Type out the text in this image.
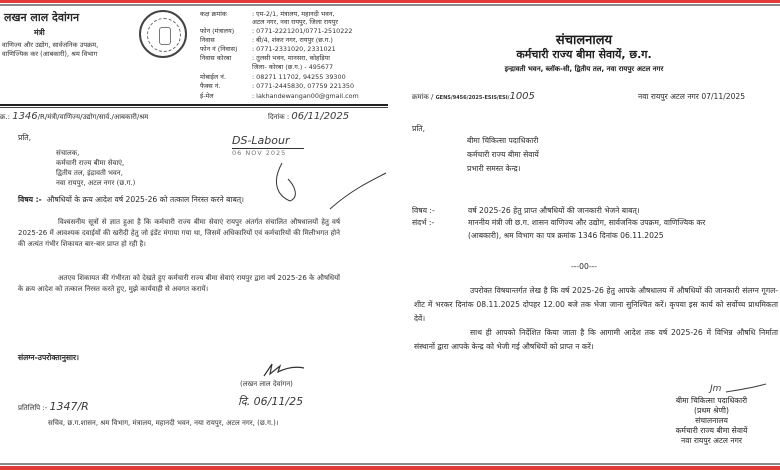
लखन लाल देवांगन
मंत्री
वाणिज्य और उद्योग, सार्वजनिक उपक्रम,
वाणिज्यिक कर (आबकारी), श्रम विभाग
कक्ष क्रमांक	: एम-2/1, मंत्रालय, महानदी भवन,
अटल नगर, नवा रायपुर, जिला रायपुर
फोन (मंत्रालय)	: 0771-2221201/0771-2510222
निवास	: बी/4, शंकर नगर, रायपुर (छ.ग.)
फोन नं (निवास) : 0771-2331020, 2331021
निवास कोरबा	: तुलसी भवन, मानसरा, कोहड़िया
जिला- कोरबा (छ.ग.) - 495677
मोबाईल नं.	: 08271 11702, 94255 39300
फैक्स नं.	: 0771-2445830, 07759 221350
ई-मेल	: lakhandewangan00@gmail.com
क्र.: 1346/R/मंत्री/वाणिज्य/उद्योग/सार्व./आबकारी/श्रम	दिनांक : 06/11/2025
प्रति,
संचालक,
कर्मचारी राज्य बीमा सेवाएं,
द्वितीय तल, इंद्रावती भवन,
नवा रायपुर, अटल नगर (छ.ग.)
DS-Labour
06 NOV 2025
विषय :- औषधियों के क्रय आदेश वर्ष 2025-26 को तत्काल निरस्त करने बाबत्।
विश्वसनीय सूत्रों से ज्ञात हुआ है कि कर्मचारी राज्य बीमा सेवाएं रायपुर अंतर्गत संचालित औषधालयों हेतु वर्ष 2025-26 में आवश्यक दवाईयों की खरीदी हेतु जो इंडेंट मंगाया गया था, जिसमें अधिकारियों एवं कर्मचारियों की मिलीभगत होने की अत्यंत गंभीर शिकायत बार-बार प्राप्त हो रही है।
अतएव शिकायत की गंभीरता को देखते हुए कर्मचारी राज्य बीमा सेवाएं रायपुर द्वारा वर्ष 2025-26 के औषधियों के क्रय आदेश को तत्काल निरस्त करते हुए, मुझे कार्यवाही से अवगत करायें।
संलग्न-उपरोक्तानुसार।
(लखन लाल देवांगन)
दि. 06/11/25
प्रतिलिपि :- 1347/R
सचिव, छ.ग.शासन, श्रम विभाग, मंत्रालय, महानदी भवन, नया रायपुर, अटल नगर, (छ.ग.)।
संचालनालय
कर्मचारी राज्य बीमा सेवायें, छ.ग.
इन्द्रावती भवन, ब्लॉक-सी, द्वितीय तल, नवा रायपुर अटल नगर
क्रमांक / GENS/9456/2025-ESIS/ESI/1005	नवा रायपुर अटल नगर 07/11/2025
प्रति,
बीमा चिकित्सा पदाधिकारी
कर्मचारी राज्य बीमा सेवायें
प्रभारी समस्त केन्द्र।
विषय :-	वर्ष 2025-26 हेतु प्राप्त औषधियों की जानकारी भेजने बाबत्।
संदर्भ :-	माननीय मंत्री जी छ.ग. शासन वाणिज्य और उद्योग, सार्वजनिक उपक्रम, वाणिज्यिक कर
(आबकारी), श्रम विभाग का पत्र क्रमांक 1346 दिनांक 06.11.2025
---00---
उपरोक्त विषयान्तर्गत लेख है कि वर्ष 2025-26 हेतु आपके औषधालय में औषधियों की जानकारी संलग्न गूगल-शीट में भरकर दिनांक 08.11.2025 दोपहर 12.00 बजे तक भेजा जाना सुनिश्चित करें। कृपया इस कार्य को सर्वोच्च प्राथमिकता देवें।
साथ ही आपको निर्देशित किया जाता है कि आगामी आदेश तक वर्ष 2025-26 में विभिन्न औषधि निर्माता संस्थानों द्वारा आपके केन्द्र को भेजी गई औषधियों को प्राप्त न करें।
Jm
बीमा चिकित्सा पदाधिकारी
(प्रथम श्रेणी)
संचालनालय
कर्मचारी राज्य बीमा सेवायें
नवा रायपुर अटल नगर
